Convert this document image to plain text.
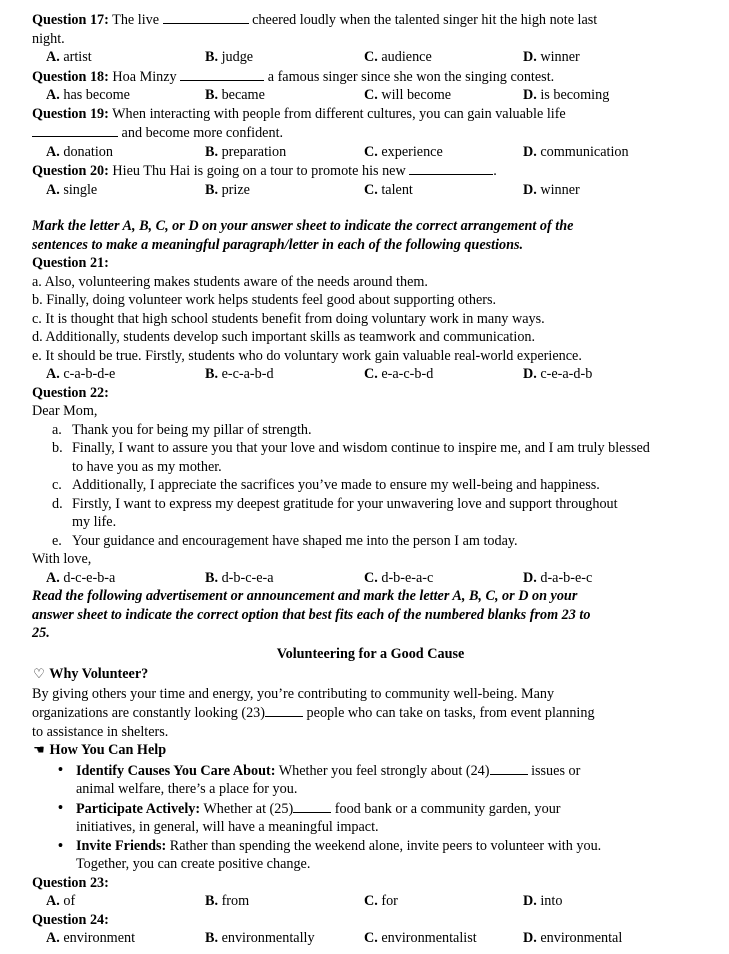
Question 17: The live	cheered loudly when the talented singer hit the high note last
night.
A. artist	B. judge	C. audience	D. winner
Question 18: Hoa Minzy	a famous singer since she won the singing contest.
A. has become	B. became	C. will become	D. is becoming
Question 19: When interacting with people from different cultures, you can gain valuable life
and become more confident.
A. donation	B. preparation	C. experience	D. communication
Question 20: Hieu Thu Hai is going on a tour to promote his new	.
A. single	B. prize	C. talent	D. winner
Mark the letter A, B, C, or D on your answer sheet to indicate the correct arrangement of the
sentences to make a meaningful paragraph/letter in each of the following questions.
Question 21:
a. Also, volunteering makes students aware of the needs around them.
b. Finally, doing volunteer work helps students feel good about supporting others.
c. It is thought that high school students benefit from doing voluntary work in many ways.
d. Additionally, students develop such important skills as teamwork and communication.
e. It should be true. Firstly, students who do voluntary work gain valuable real-world experience.
A. c-a-b-d-e	B. e-c-a-b-d	C. e-a-c-b-d	D. c-e-a-d-b
Question 22:
Dear Mom,
a. Thank you for being my pillar of strength.
b. Finally, I want to assure you that your love and wisdom continue to inspire me, and I am truly blessed to have you as my mother.
c. Additionally, I appreciate the sacrifices you’ve made to ensure my well-being and happiness.
d. Firstly, I want to express my deepest gratitude for your unwavering love and support throughout my life.
e. Your guidance and encouragement have shaped me into the person I am today.
With love,
A. d-c-e-b-a	B. d-b-c-e-a	C. d-b-e-a-c	D. d-a-b-e-c
Read the following advertisement or announcement and mark the letter A, B, C, or D on your
answer sheet to indicate the correct option that best fits each of the numbered blanks from 23 to
25.
Volunteering for a Good Cause
♡ Why Volunteer?
By giving others your time and energy, you’re contributing to community well-being. Many
organizations are constantly looking (23)	people who can take on tasks, from event planning
to assistance in shelters.
☚ How You Can Help
• Identify Causes You Care About: Whether you feel strongly about (24)	issues or
animal welfare, there’s a place for you.
• Participate Actively: Whether at (25)	food bank or a community garden, your
initiatives, in general, will have a meaningful impact.
• Invite Friends: Rather than spending the weekend alone, invite peers to volunteer with you.
Together, you can create positive change.
Question 23:
A. of	B. from	C. for	D. into
Question 24:
A. environment	B. environmentally	C. environmentalist	D. environmental
